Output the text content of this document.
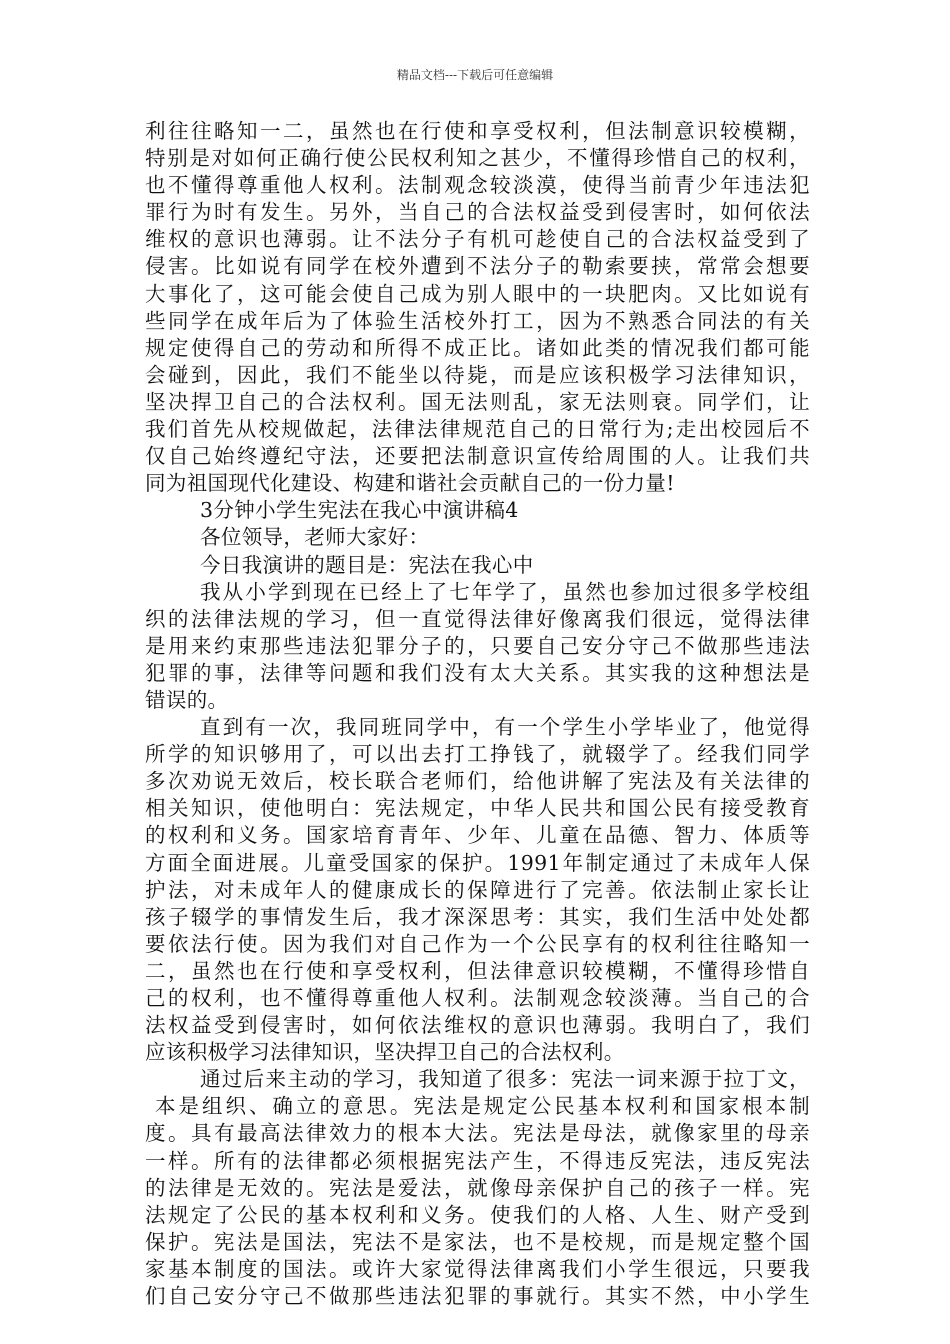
精品文档---下载后可任意编辑
利往往略知一二，虽然也在行使和享受权利，但法制意识较模糊，
特别是对如何正确行使公民权利知之甚少，不懂得珍惜自己的权利，
也不懂得尊重他人权利。法制观念较淡漠，使得当前青少年违法犯
罪行为时有发生。另外，当自己的合法权益受到侵害时，如何依法
维权的意识也薄弱。让不法分子有机可趁使自己的合法权益受到了
侵害。比如说有同学在校外遭到不法分子的勒索要挟，常常会想要
大事化了，这可能会使自己成为别人眼中的一块肥肉。又比如说有
些同学在成年后为了体验生活校外打工，因为不熟悉合同法的有关
规定使得自己的劳动和所得不成正比。诸如此类的情况我们都可能
会碰到，因此，我们不能坐以待毙，而是应该积极学习法律知识，
坚决捍卫自己的合法权利。国无法则乱，家无法则衰。同学们，让
我们首先从校规做起，法律法律规范自己的日常行为;走出校园后不
仅自己始终遵纪守法，还要把法制意识宣传给周围的人。让我们共
同为祖国现代化建设、构建和谐社会贡献自己的一份力量!
3分钟小学生宪法在我心中演讲稿4
各位领导，老师大家好：
今日我演讲的题目是：宪法在我心中
我从小学到现在已经上了七年学了，虽然也参加过很多学校组
织的法律法规的学习，但一直觉得法律好像离我们很远，觉得法律
是用来约束那些违法犯罪分子的，只要自己安分守己不做那些违法
犯罪的事，法律等问题和我们没有太大关系。其实我的这种想法是
错误的。
直到有一次，我同班同学中，有一个学生小学毕业了，他觉得
所学的知识够用了，可以出去打工挣钱了，就辍学了。经我们同学
多次劝说无效后，校长联合老师们，给他讲解了宪法及有关法律的
相关知识，使他明白：宪法规定，中华人民共和国公民有接受教育
的权利和义务。国家培育青年、少年、儿童在品德、智力、体质等
方面全面进展。儿童受国家的保护。1991年制定通过了未成年人保
护法，对未成年人的健康成长的保障进行了完善。依法制止家长让
孩子辍学的事情发生后，我才深深思考：其实，我们生活中处处都
要依法行使。因为我们对自己作为一个公民享有的权利往往略知一
二，虽然也在行使和享受权利，但法律意识较模糊，不懂得珍惜自
己的权利，也不懂得尊重他人权利。法制观念较淡薄。当自己的合
法权益受到侵害时，如何依法维权的意识也薄弱。我明白了，我们
应该积极学习法律知识，坚决捍卫自己的合法权利。
通过后来主动的学习，我知道了很多：宪法一词来源于拉丁文，
本是组织、确立的意思。宪法是规定公民基本权利和国家根本制
度。具有最高法律效力的根本大法。宪法是母法，就像家里的母亲
一样。所有的法律都必须根据宪法产生，不得违反宪法，违反宪法
的法律是无效的。宪法是爱法，就像母亲保护自己的孩子一样。宪
法规定了公民的基本权利和义务。使我们的人格、人生、财产受到
保护。宪法是国法，宪法不是家法，也不是校规，而是规定整个国
家基本制度的国法。或许大家觉得法律离我们小学生很远，只要我
们自己安分守己不做那些违法犯罪的事就行。其实不然，中小学生
